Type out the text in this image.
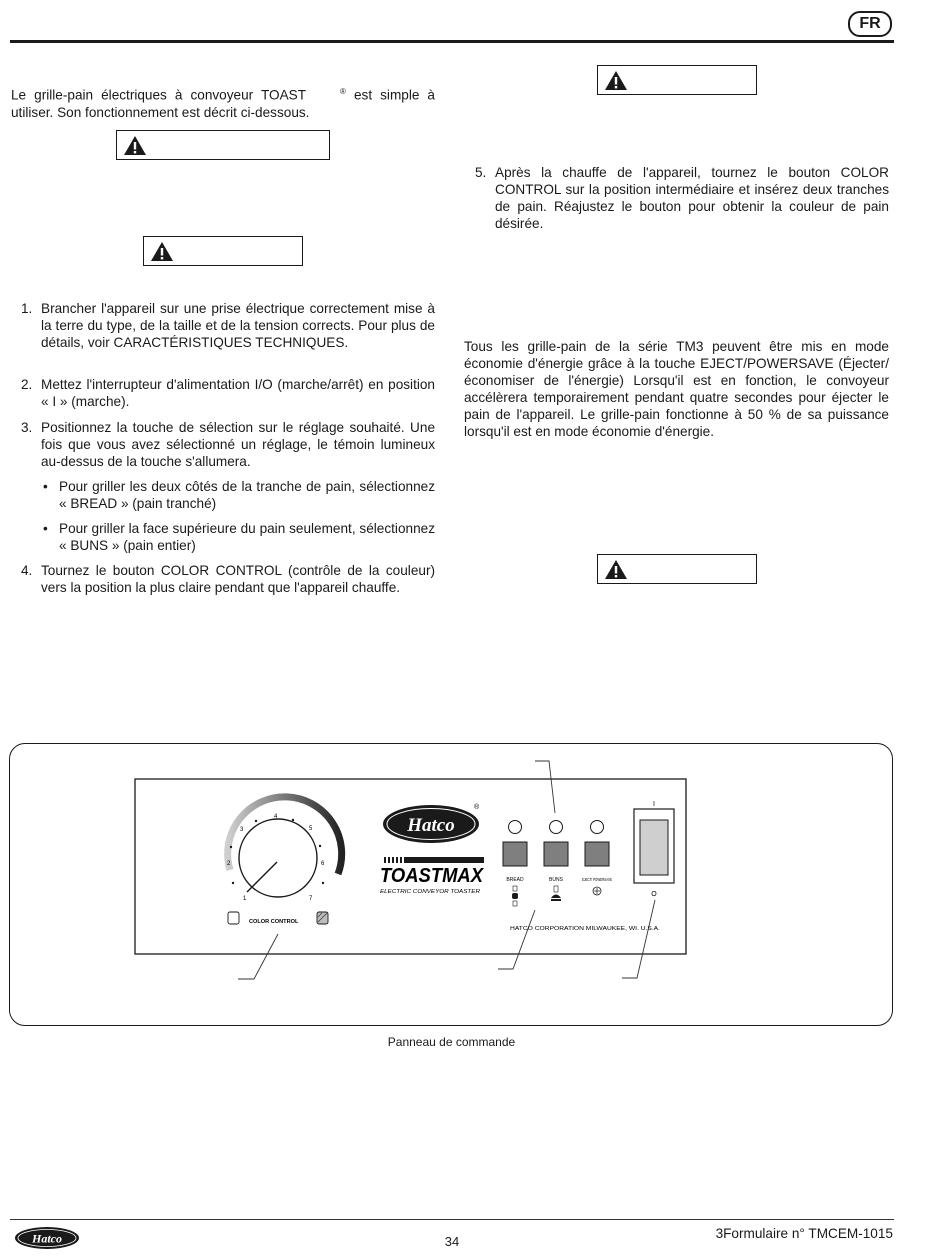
FR
Le grille-pain électriques à convoyeur TOAST	® est simple à utiliser. Son fonctionnement est décrit ci-dessous.
1. Brancher l'appareil sur une prise électrique correctement mise à la terre du type, de la taille et de la tension corrects. Pour plus de détails, voir CARACTÉRISTIQUES TECHNIQUES.
2. Mettez l'interrupteur d'alimentation I/O (marche/arrêt) en position « I » (marche).
3. Positionnez la touche de sélection sur le réglage souhaité. Une fois que vous avez sélectionné un réglage, le témoin lumineux au-dessus de la touche s'allumera.
• Pour griller les deux côtés de la tranche de pain, sélectionnez « BREAD » (pain tranché)
• Pour griller la face supérieure du pain seulement, sélectionnez « BUNS » (pain entier)
4. Tournez le bouton COLOR CONTROL (contrôle de la couleur) vers la position la plus claire pendant que l'appareil chauffe.
5. Après la chauffe de l'appareil, tournez le bouton COLOR CONTROL sur la position intermédiaire et insérez deux tranches de pain. Réajustez le bouton pour obtenir la couleur de pain désirée.
Tous les grille-pain de la série TM3 peuvent être mis en mode économie d'énergie grâce à la touche EJECT/POWERSAVE (Éjecter/économiser de l'énergie) Lorsqu'il est en fonction, le convoyeur accélèrera temporairement pendant quatre secondes pour éjecter le pain de l'appareil. Le grille-pain fonctionne à 50 % de sa puissance lorsqu'il est en mode économie d'énergie.
1
2
3
4
5
6
7
COLOR CONTROL
Hatco
®
TOASTMAX
ELECTRIC CONVEYOR TOASTER
BREAD	BUNS	EJECT/ POWERSAVE
I
O
HATCO CORPORATION MILWAUKEE, WI. U.S.A.
Panneau de commande
Hatco	34
3Formulaire n° TMCEM-1015
